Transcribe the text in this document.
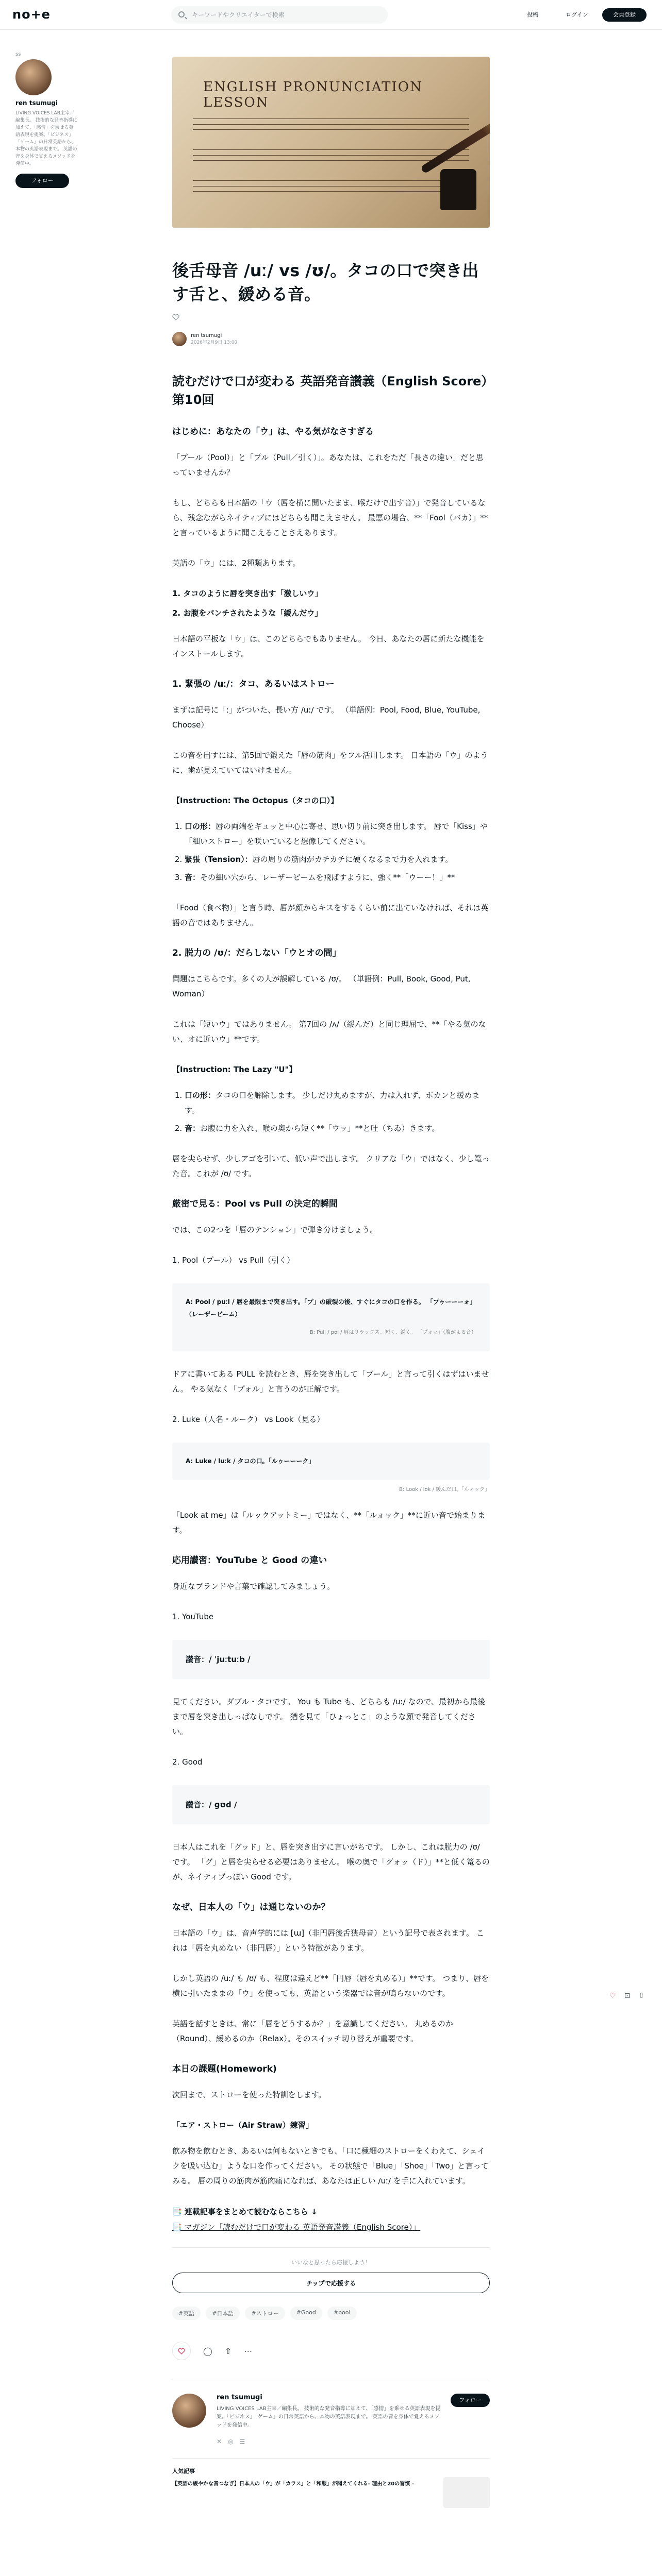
no+e	キーワードやクリエイターで検索	投稿	ログイン	会員登録
ss
ren tsumugi
LIVING VOICES LAB主宰／編集長。 技術的な発音指導に加えて、「感情」を乗せる英語表現を提案。「ビジネス」「ゲーム」の日常英語から、本物の英語表現まで。 英語の音を身体で覚えるメソッドを発信中。
フォロー
♡ ⊡ ⇧
ENGLISH PRONUNCIATION LESSON
後舌母音 /uː/ vs /ʊ/。タコの口で突き出す舌と、緩める音。
ren tsumugi
2026年2月9日 13:00
読むだけで口が変わる 英語発音讃義（English Score）第10回
はじめに：あなたの「ウ」は、やる気がなさすぎる

「プール（Pool）」と「プル（Pull／引く）」。あなたは、これをただ「長さの違い」だと思っていませんか？

もし、どちらも日本語の「ウ（唇を横に開いたまま、喉だけで出す音）」で発音しているなら、残念ながらネイティブにはどちらも聞こえません。 最悪の場合、**「Fool（バカ）」**と言っているように聞こえることさえあります。

英語の「ウ」には、2種類あります。

1. タコのように唇を突き出す「激しいウ」
2. お腹をパンチされたような「緩んだウ」

日本語の平板な「ウ」は、このどちらでもありません。 今日、あなたの唇に新たな機能をインストールします。

1. 緊張の /uː/：タコ、あるいはストロー

まずは記号に「ː」がついた、長い方 /uː/ です。 （単語例：Pool, Food, Blue, YouTube, Choose）

この音を出すには、第5回で鍛えた「唇の筋肉」をフル活用します。 日本語の「ウ」のように、歯が見えていてはいけません。

【Instruction: The Octopus（タコの口）】
1. 口の形：唇の両端をギュッと中心に寄せ、思い切り前に突き出します。 唇で「Kiss」や「細いストロー」を咲いていると想像してください。
2. 緊張（Tension）：唇の周りの筋肉がカチカチに硬くなるまで力を入れます。
3. 音：その細い穴から、レーザービームを飛ばすように、強く**「ウーー！」**

「Food（食べ物）」と言う時、唇が顔からキスをするくらい前に出ていなければ、それは英語の音ではありません。

2. 脱力の /ʊ/：だらしない「ウとオの間」

問題はこちらです。多くの人が誤解している /ʊ/。 （単語例：Pull, Book, Good, Put, Woman）

これは「短いウ」ではありません。 第7回の /ʌ/（緩んだ）と同じ理屈で、**「やる気のない、オに近いウ」**です。

【Instruction: The Lazy "U"】
1. 口の形：タコの口を解除します。 少しだけ丸めますが、力は入れず、ポカンと緩めます。
2. 音：お腹に力を入れ、喉の奥から短く**「ウッ」**と吐（ちゐ）きます。

唇を尖らせず、少しアゴを引いて、低い声で出します。 クリアな「ウ」ではなく、少し篭った音。これが /ʊ/ です。

厳密で見る：Pool vs Pull の決定的瞬間

では、この2つを「唇のテンション」で弾き分けましょう。

1. Pool（プール） vs Pull（引く）

A: Pool / puːl / 唇を最限まで突き出す。「プ」の破裂の後、すぐにタコの口を作る。 「プゥーーーォ」（レーザービーム）
B: Pull / pʊl / 唇はリラックス。短く、鋭く。 「プォッ」（腹がよる音）

ドアに書いてある PULL を読むとき、唇を突き出して「プール」と言って引くはずはいません。 やる気なく「プォル」と言うのが正解です。

2. Luke（人名・ルーク） vs Look（見る）

A: Luke / luːk / タコの口。「ルゥーーーク」
B: Look / lʊk / 緩んだ口。「ルォック」

「Look at me」は「ルックアットミー」ではなく、**「ルォック」**に近い音で始まります。

応用讃習：YouTube と Good の違い

身近なブランドや言葉で確認してみましょう。

1. YouTube

讃音：/ ˈjuːtuːb /

見てください。ダブル・タコです。 You も Tube も、どちらも /uː/ なので、最初から最後まで唇を突き出しっぱなしです。 猶を見て「ひょっとこ」のような顔で発音してください。

2. Good

讃音：/ ɡʊd /

日本人はこれを「グッド」と、唇を突き出すに言いがちです。 しかし、これは脱力の /ʊ/ です。 「グ」と唇を尖らせる必要はありません。 喉の奥で「グォッ（ド）」**と低く篭るのが、ネイティブっぽい Good です。

なぜ、日本人の「ウ」は通じないのか？

日本語の「ウ」は、音声学的には [ɯ]（非円唇後舌狭母音）という記号で表されます。 これは「唇を丸めない（非円唇）」という特徴があります。

しかし英語の /uː/ も /ʊ/ も、程度は違えど**「円唇（唇を丸める）」**です。 つまり、唇を横に引いたままの「ウ」を使っても、英語という楽器では音が鳴らないのです。

英語を話すときは、常に「唇をどうするか？」を意識してください。 丸めるのか（Round）、緩めるのか（Relax）。そのスイッチ切り替えが重要です。

本日の課題(Homework)

次回まで、ストローを使った特訓をします。

「エア・ストロー（Air Straw）練習」

飲み物を飲むとき、あるいは何もないときでも、「口に極細のストローをくわえて、シェイクを吸い込む」ような口を作ってください。 その状態で「Blue」「Shoe」「Two」と言ってみる。 唇の周りの筋肉が筋肉痛になれば、あなたは正しい /uː/ を手に入れています。

📑 連載記事をまとめて読むならこちら ↓
📑 マガジン「読むだけで口が変わる 英語発音讃義（English Score）」
いいなと思ったら応援しよう！
チップで応援する
#英語	#日本語	#ストロー	#Good	#pool
◯ ⇧ ⋯
ren tsumugi
LIVING VOICES LAB主宰／編集長。 技術的な発音指導に加えて、「感情」を乗せる英語表現を提案。「ビジネス」「ゲーム」の日常英語から、本物の英語表現まで。 英語の音を身体で覚えるメソッドを発信中。
フォロー
✕◎☰
人気記事
【英語の緩やかな音つなぎ】日本人の「ウ」が「カラス」と「和服」が聞えてくれる- 理由と20の習慣 -
